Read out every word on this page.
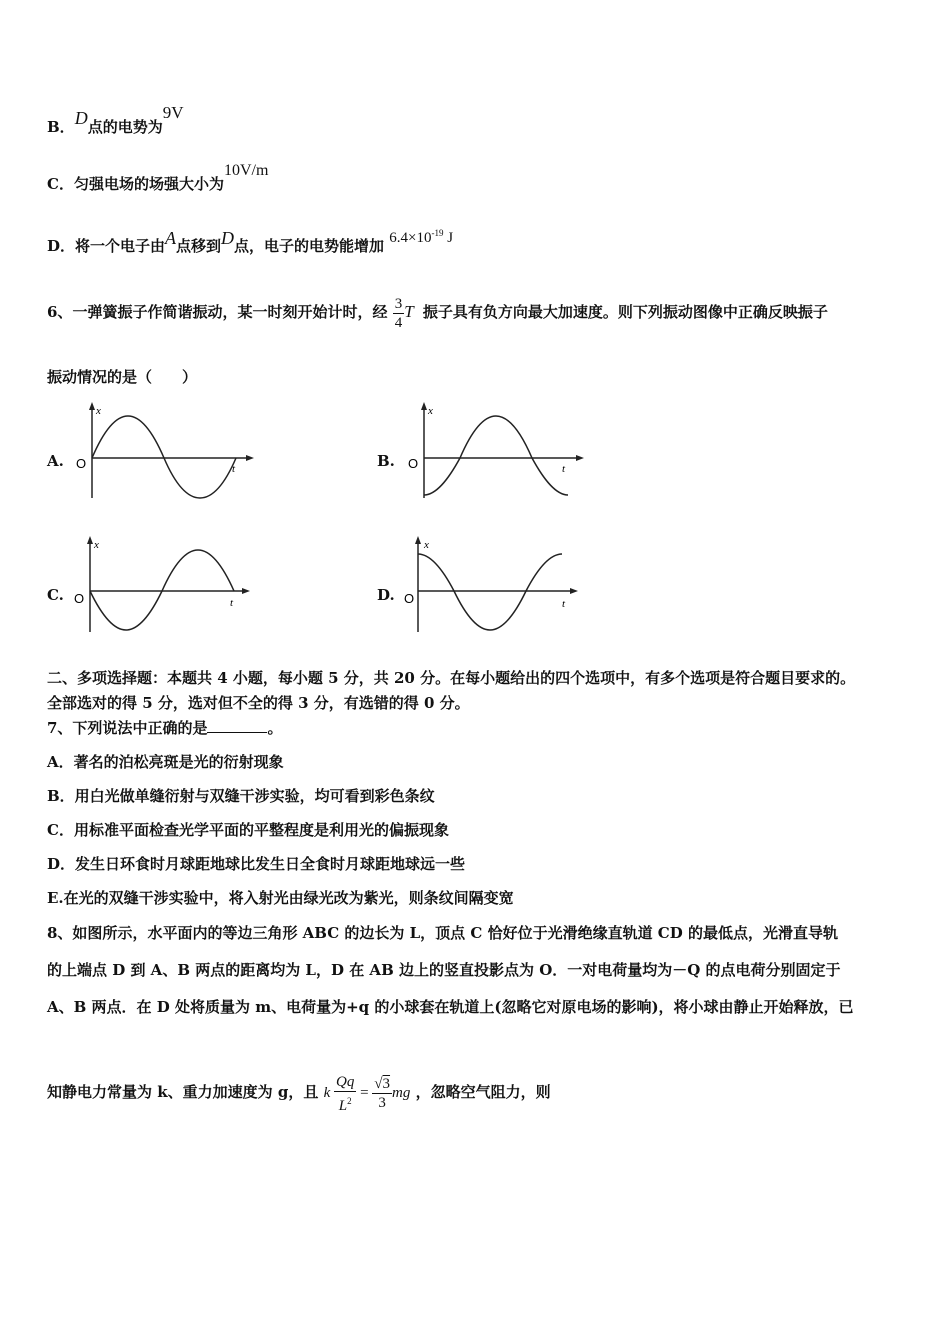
B．D点的电势为9V
C．匀强电场的场强大小为10V/m
D．将一个电子由A点移到D点，电子的电势能增加 $6.4\times 10^{-19}$ J
6、一弹簧振子作简谐振动，某一时刻开始计时，经 $\frac{3}{4}$ T 振子具有负方向最大加速度。则下列振动图像中正确反映振子
振动情况的是（　　）
A.
x
t
O	B.
x
t
O
C.
x
t
O	D.
x
t
O
二、多项选择题：本题共 4 小题，每小题 5 分，共 20 分。在每小题给出的四个选项中，有多个选项是符合题目要求的。
全部选对的得 5 分，选对但不全的得 3 分，有选错的得 0 分。
7、下列说法中正确的是	。
A．著名的泊松亮斑是光的衍射现象
B．用白光做单缝衍射与双缝干涉实验，均可看到彩色条纹
C．用标准平面检查光学平面的平整程度是利用光的偏振现象
D．发生日环食时月球距地球比发生日全食时月球距地球远一些
E.在光的双缝干涉实验中，将入射光由绿光改为紫光，则条纹间隔变宽
8、如图所示，水平面内的等边三角形 ABC 的边长为 L，顶点 C 恰好位于光滑绝缘直轨道 CD 的最低点，光滑直导轨
的上端点 D 到 A、B 两点的距离均为 L，D 在 AB 边上的竖直投影点为 O．一对电荷量均为－Q 的点电荷分别固定于
A、B 两点．在 D 处将质量为 m、电荷量为+q 的小球套在轨道上(忽略它对原电场的影响)，将小球由静止开始释放，已
知静电力常量为 k、重力加速度为 g，且 k $\frac{Qq}{L^2} = \frac{√3}{3}$ mg ，忽略空气阻力，则
